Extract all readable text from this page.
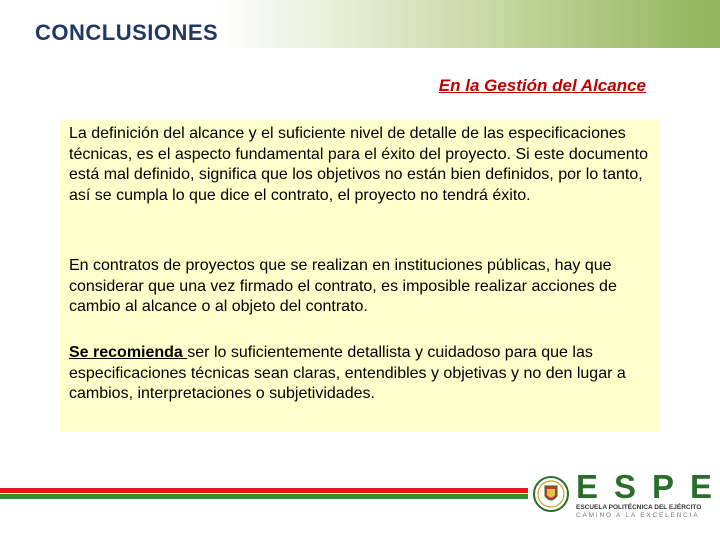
CONCLUSIONES
En la Gestión del Alcance

La definición del alcance y el suficiente nivel de detalle de las especificaciones técnicas, es el aspecto fundamental para el éxito del proyecto. Si este documento está mal definido, significa que los objetivos no están bien definidos, por lo tanto, así se cumpla lo que dice el contrato, el proyecto no tendrá éxito.

En contratos de proyectos que se realizan en instituciones públicas, hay que considerar que una vez firmado el contrato, es imposible realizar acciones de cambio al alcance o al objeto del contrato.

Se recomienda ser lo suficientemente detallista y cuidadoso para que las especificaciones técnicas sean claras, entendibles y objetivas y no den lugar a cambios, interpretaciones o subjetividades.

E S P E
ESCUELA POLITÉCNICA DEL EJÉRCITO
CAMINO A LA EXCELENCIA
